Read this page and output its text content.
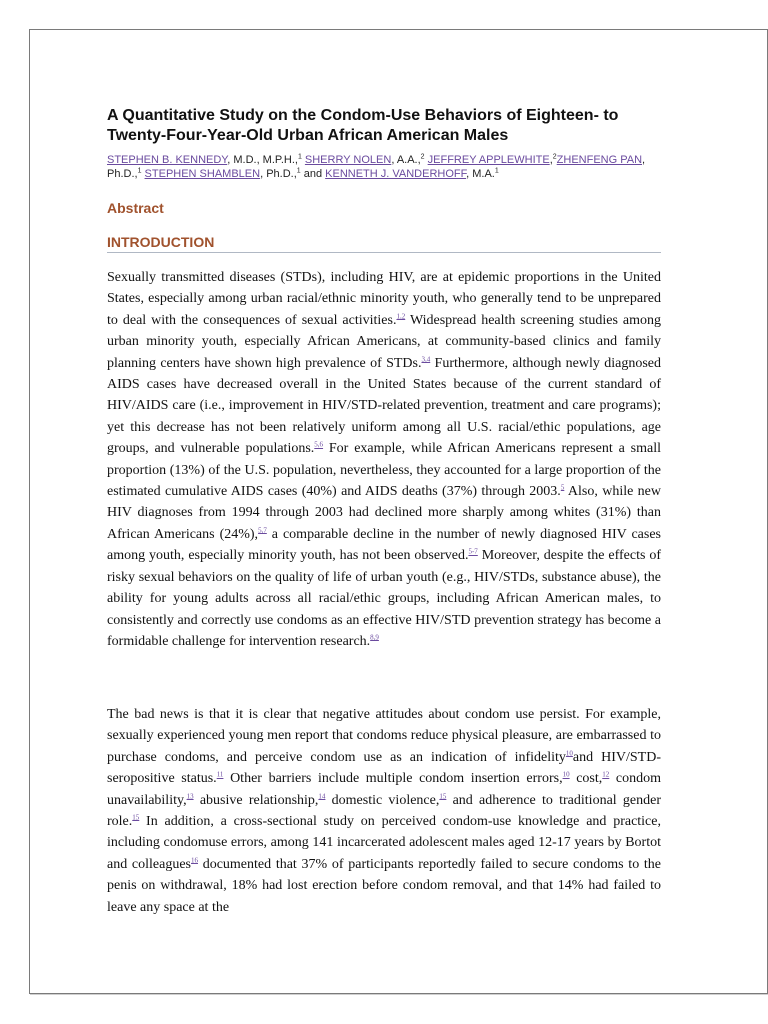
A Quantitative Study on the Condom-Use Behaviors of Eighteen- to Twenty-Four-Year-Old Urban African American Males

STEPHEN B. KENNEDY, M.D., M.P.H.,$^1$ SHERRY NOLEN, A.A.,$^2$ JEFFREY APPLEWHITE,$^2$ZHENFENG PAN, Ph.D.,$^1$ STEPHEN SHAMBLEN, Ph.D.,$^1$ and KENNETH J. VANDERHOFF, M.A.$^1$

Abstract
INTRODUCTION

Sexually transmitted diseases (STDs), including HIV, are at epidemic proportions in the United States, especially among urban racial/ethnic minority youth, who generally tend to be unprepared to deal with the consequences of sexual activities.$^{1,2}$ Widespread health screening studies among urban minority youth, especially African Americans, at community-based clinics and family planning centers have shown high prevalence of STDs.$^{3,4}$ Furthermore, although newly diagnosed AIDS cases have decreased overall in the United States because of the current standard of HIV/AIDS care (i.e., improvement in HIV/STD-related prevention, treatment and care programs); yet this decrease has not been relatively uniform among all U.S. racial/ethic populations, age groups, and vulnerable populations.$^{5,6}$ For example, while African Americans represent a small proportion (13%) of the U.S. population, nevertheless, they accounted for a large proportion of the estimated cumulative AIDS cases (40%) and AIDS deaths (37%) through 2003.$^5$ Also, while new HIV diagnoses from 1994 through 2003 had declined more sharply among whites (31%) than African Americans (24%),$^{5,7}$ a comparable decline in the number of newly diagnosed HIV cases among youth, especially minority youth, has not been observed.$^{5-7}$ Moreover, despite the effects of risky sexual behaviors on the quality of life of urban youth (e.g., HIV/STDs, substance abuse), the ability for young adults across all racial/ethic groups, including African American males, to consistently and correctly use condoms as an effective HIV/STD prevention strategy has become a formidable challenge for intervention research.$^{8,9}$

The bad news is that it is clear that negative attitudes about condom use persist. For example, sexually experienced young men report that condoms reduce physical pleasure, are embarrassed to purchase condoms, and perceive condom use as an indication of infidelity$^{10}$and HIV/STD-seropositive status.$^{11}$ Other barriers include multiple condom insertion errors,$^{10}$ cost,$^{12}$ condom unavailability,$^{13}$ abusive relationship,$^{14}$ domestic violence,$^{15}$ and adherence to traditional gender role.$^{15}$ In addition, a cross-sectional study on perceived condom-use knowledge and practice, including condomuse errors, among 141 incarcerated adolescent males aged 12-17 years by Bortot and colleagues$^{16}$ documented that 37% of participants reportedly failed to secure condoms to the penis on withdrawal, 18% had lost erection before condom removal, and that 14% had failed to leave any space at the
